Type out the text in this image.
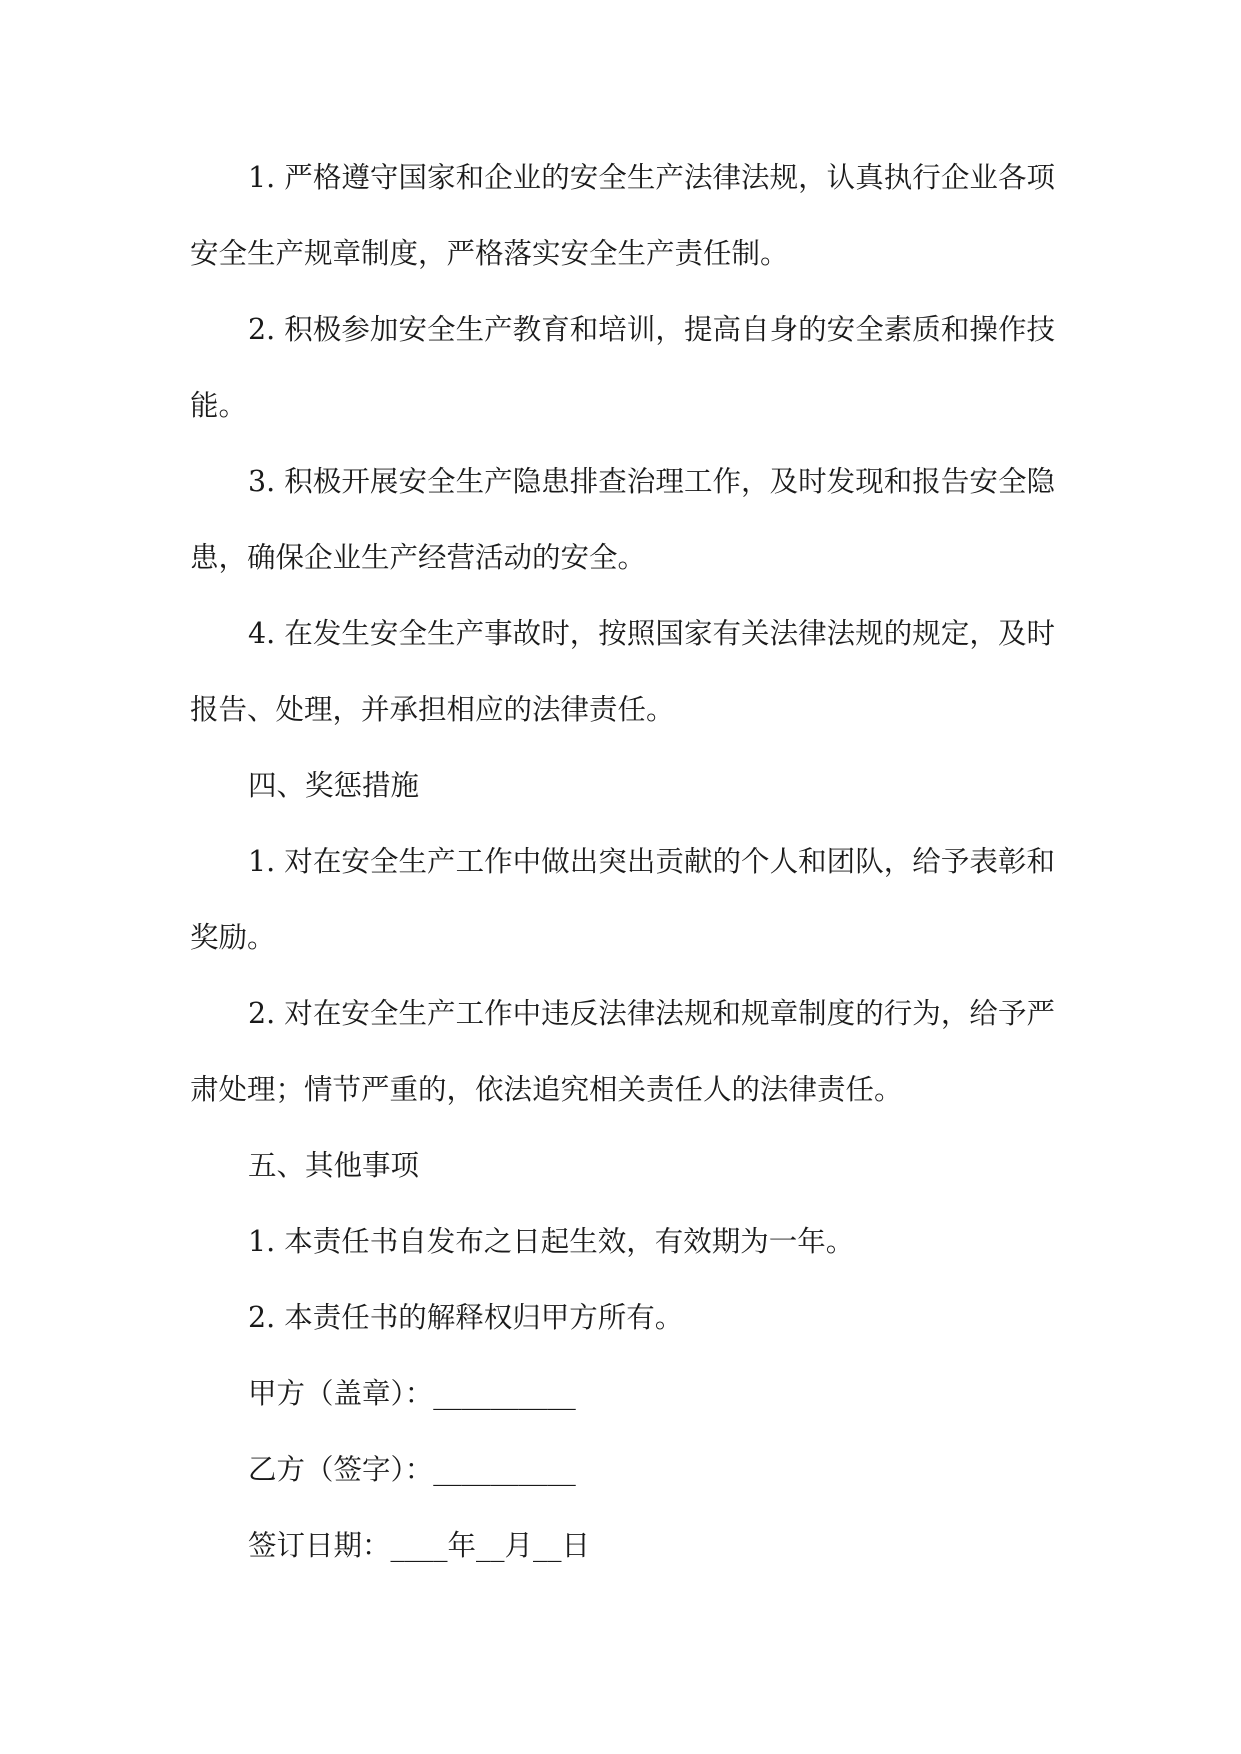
1. 严格遵守国家和企业的安全生产法律法规，认真执行企业各项安全生产规章制度，严格落实安全生产责任制。

2. 积极参加安全生产教育和培训，提高自身的安全素质和操作技能。

3. 积极开展安全生产隐患排查治理工作，及时发现和报告安全隐患，确保企业生产经营活动的安全。

4. 在发生安全生产事故时，按照国家有关法律法规的规定，及时报告、处理，并承担相应的法律责任。

四、奖惩措施

1. 对在安全生产工作中做出突出贡献的个人和团队，给予表彰和奖励。

2. 对在安全生产工作中违反法律法规和规章制度的行为，给予严肃处理；情节严重的，依法追究相关责任人的法律责任。

五、其他事项

1. 本责任书自发布之日起生效，有效期为一年。

2. 本责任书的解释权归甲方所有。

甲方（盖章）：__________

乙方（签字）：__________

签订日期：____年__月__日
